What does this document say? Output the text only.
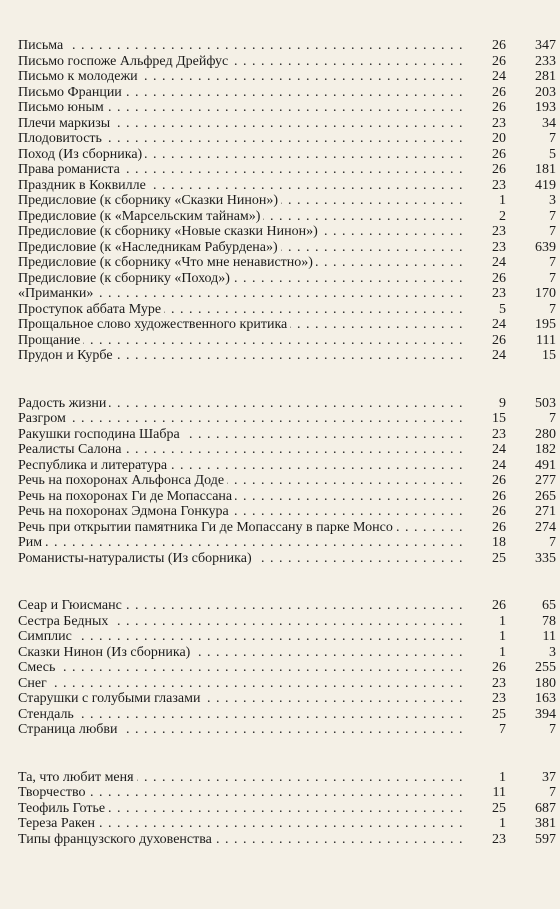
Письма . . .	26	347
Письмо госпоже Альфред Дрейфус . . .	26	233
Письмо к молодежи . . .	24	281
Письмо Франции . . .	26	203
Письмо юным . . .	26	193
Плечи маркизы . . .	23	34
Плодовитость . . .	20	7
Поход (Из сборника) . . .	26	5
Права романиста . . .	26	181
Праздник в Коквилле . . .	23	419
Предисловие (к сборнику «Сказки Нинон») . . .	1	3
Предисловие (к «Марсельским тайнам») . . .	2	7
Предисловие (к сборнику «Новые сказки Нинон») . . .	23	7
Предисловие (к «Наследникам Рабурдена») . . .	23	639
Предисловие (к сборнику «Что мне ненавистно») . . .	24	7
Предисловие (к сборнику «Поход») . . .	26	7
«Приманки» . . .	23	170
Проступок аббата Муре . . .	5	7
Прощальное слово художественного критика . . .	24	195
Прощание . . .	26	111
Прудон и Курбе . . .	24	15
Радость жизни . . .	9	503
Разгром . . .	15	7
Ракушки господина Шабра . . .	23	280
Реалисты Салона . . .	24	182
Республика и литература . . .	24	491
Речь на похоронах Альфонса Доде . . .	26	277
Речь на похоронах Ги де Мопассана . . .	26	265
Речь на похоронах Эдмона Гонкура . . .	26	271
Речь при открытии памятника Ги де Мопассану в парке Монсо . . .	26	274
Рим . . .	18	7
Романисты-натуралисты (Из сборника) . . .	25	335
Сеар и Гюисманс . . .	26	65
Сестра Бедных . . .	1	78
Симплис . . .	1	11
Сказки Нинон (Из сборника) . . .	1	3
Смесь . . .	26	255
Снег . . .	23	180
Старушки с голубыми глазами . . .	23	163
Стендаль . . .	25	394
Страница любви . . .	7	7
Та, что любит меня . . .	1	37
Творчество . . .	11	7
Теофиль Готье . . .	25	687
Тереза Ракен . . .	1	381
Типы французского духовенства . . .	23	597
